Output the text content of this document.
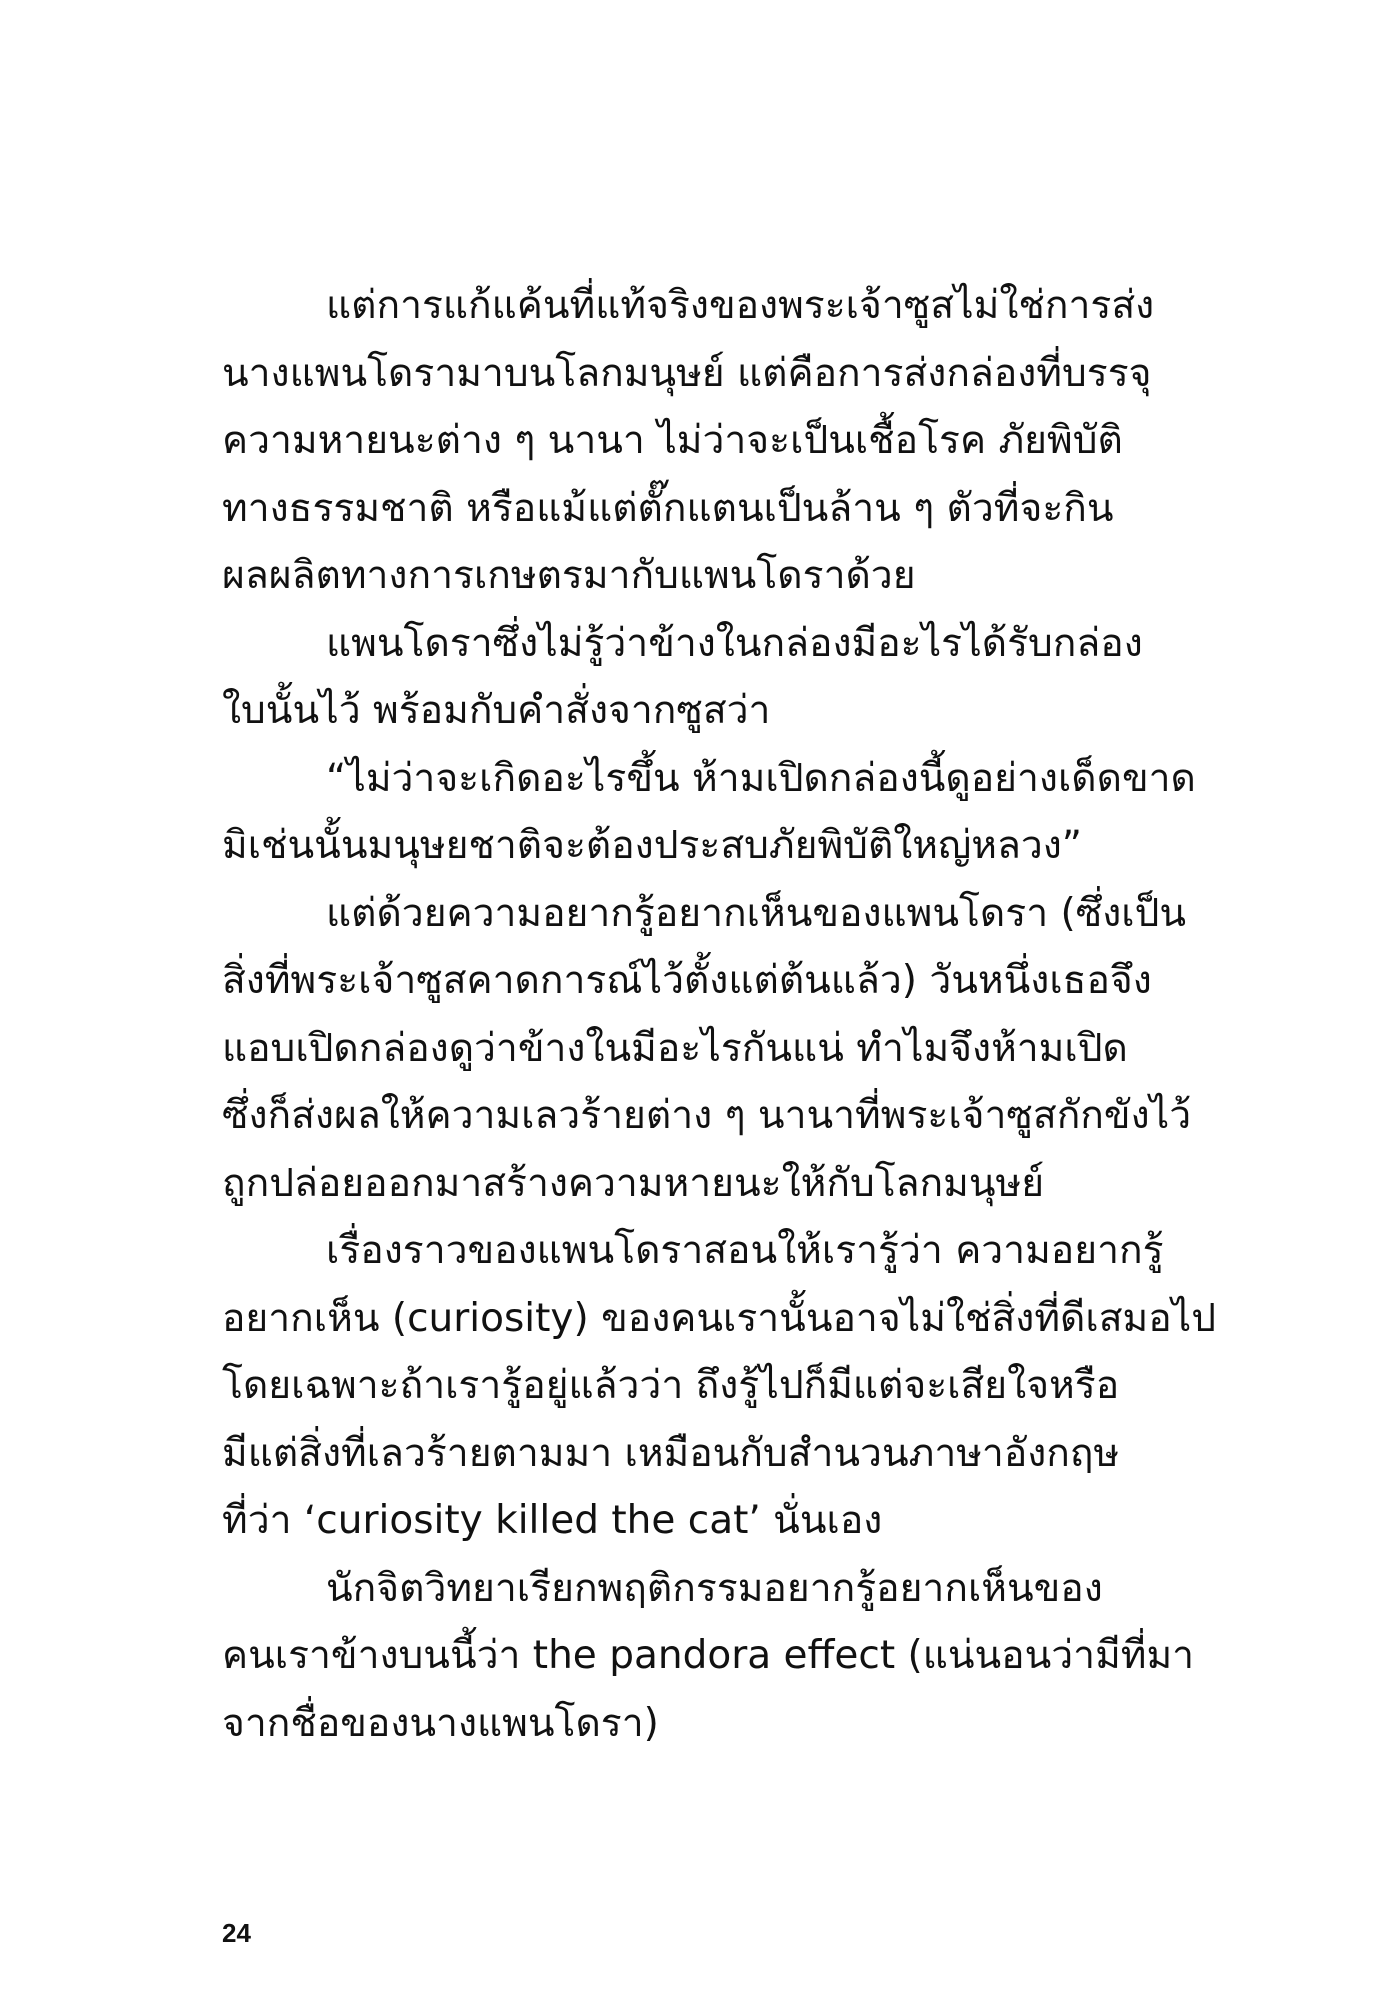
แต่การแก้แค้นที่แท้จริงของพระเจ้าซูสไม่ใช่การส่ง
นางแพนโดรามาบนโลกมนุษย์ แต่คือการส่งกล่องที่บรรจุ
ความหายนะต่าง ๆ นานา ไม่ว่าจะเป็นเชื้อโรค ภัยพิบัติ
ทางธรรมชาติ หรือแม้แต่ตั๊กแตนเป็นล้าน ๆ ตัวที่จะกิน
ผลผลิตทางการเกษตรมากับแพนโดราด้วย
แพนโดราซึ่งไม่รู้ว่าข้างในกล่องมีอะไรได้รับกล่อง
ใบนั้นไว้ พร้อมกับคำสั่งจากซูสว่า
“ไม่ว่าจะเกิดอะไรขึ้น ห้ามเปิดกล่องนี้ดูอย่างเด็ดขาด
มิเช่นนั้นมนุษยชาติจะต้องประสบภัยพิบัติใหญ่หลวง”
แต่ด้วยความอยากรู้อยากเห็นของแพนโดรา (ซึ่งเป็น
สิ่งที่พระเจ้าซูสคาดการณ์ไว้ตั้งแต่ต้นแล้ว) วันหนึ่งเธอจึง
แอบเปิดกล่องดูว่าข้างในมีอะไรกันแน่ ทำไมจึงห้ามเปิด
ซึ่งก็ส่งผลให้ความเลวร้ายต่าง ๆ นานาที่พระเจ้าซูสกักขังไว้
ถูกปล่อยออกมาสร้างความหายนะให้กับโลกมนุษย์
เรื่องราวของแพนโดราสอนให้เรารู้ว่า ความอยากรู้
อยากเห็น (curiosity) ของคนเรานั้นอาจไม่ใช่สิ่งที่ดีเสมอไป
โดยเฉพาะถ้าเรารู้อยู่แล้วว่า ถึงรู้ไปก็มีแต่จะเสียใจหรือ
มีแต่สิ่งที่เลวร้ายตามมา เหมือนกับสำนวนภาษาอังกฤษ
ที่ว่า ‘curiosity killed the cat’ นั่นเอง
นักจิตวิทยาเรียกพฤติกรรมอยากรู้อยากเห็นของ
คนเราข้างบนนี้ว่า the pandora effect (แน่นอนว่ามีที่มา
จากชื่อของนางแพนโดรา)
24
